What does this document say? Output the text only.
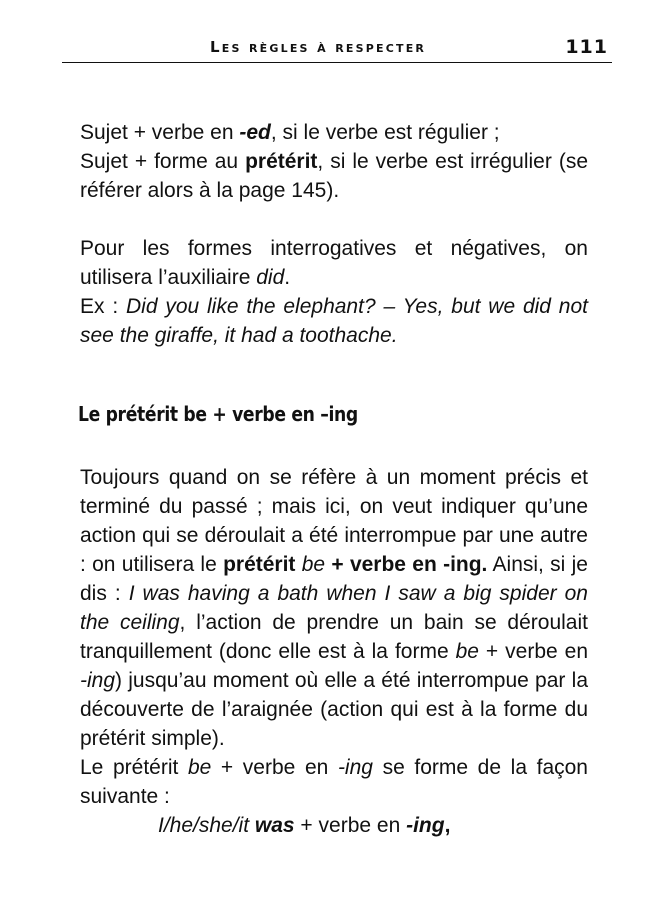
Les règles à respecter	111

Sujet + verbe en -ed, si le verbe est régulier ;
Sujet + forme au prétérit, si le verbe est irrégulier (se référer alors à la page 145).

Pour les formes interrogatives et négatives, on utilisera l’auxiliaire did.

Ex : Did you like the elephant? – Yes, but we did not see the giraffe, it had a toothache.

Le prétérit be + verbe en –ing

Toujours quand on se réfère à un moment précis et terminé du passé ; mais ici, on veut indiquer qu’une action qui se déroulait a été interrompue par une autre : on utilisera le prétérit be + verbe en -ing. Ainsi, si je dis : I was having a bath when I saw a big spider on the ceiling, l’action de prendre un bain se déroulait tranquillement (donc elle est à la forme be + verbe en -ing) jusqu’au moment où elle a été interrompue par la découverte de l’araignée (action qui est à la forme du prétérit simple).

Le prétérit be + verbe en -ing se forme de la façon suivante :

I/he/she/it was + verbe en -ing,
